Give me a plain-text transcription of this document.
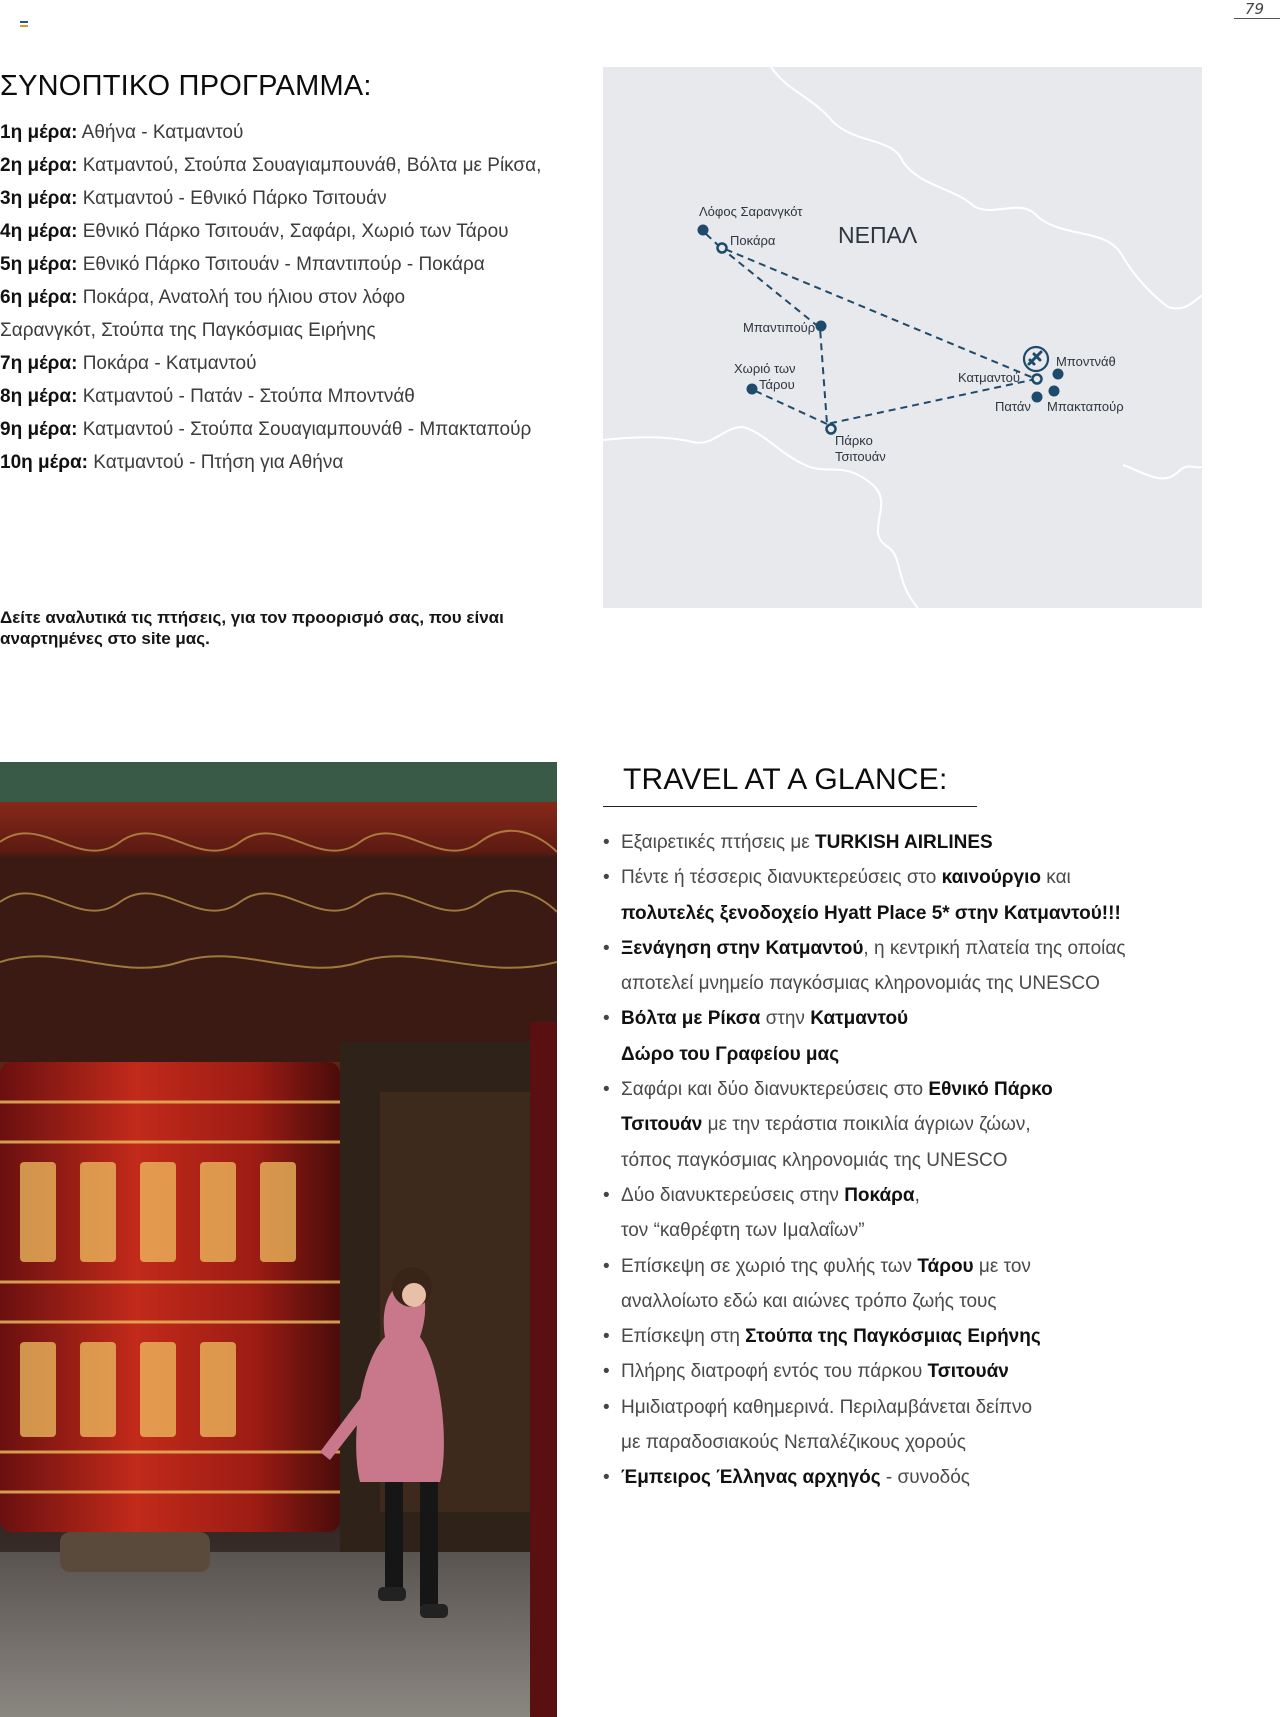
79
ΣΥΝΟΠΤΙΚΟ ΠΡΟΓΡΑΜΜΑ:
1η μέρα: Αθήνα - Κατμαντού
2η μέρα: Κατμαντού, Στούπα Σουαγιαμπουνάθ, Βόλτα με Ρίκσα,
3η μέρα: Κατμαντού - Εθνικό Πάρκο Τσιτουάν
4η μέρα: Εθνικό Πάρκο Τσιτουάν, Σαφάρι, Χωριό των Τάρου
5η μέρα: Εθνικό Πάρκο Τσιτουάν - Μπαντιπούρ - Πoκάρα
6η μέρα: Ποκάρα, Ανατολή του ήλιου στον λόφο
Σαρανγκότ, Στούπα της Παγκόσμιας Ειρήνης
7η μέρα: Ποκάρα - Κατμαντού
8η μέρα: Κατμαντού - Πατάν - Στούπα Μποντνάθ
9η μέρα: Κατμαντού - Στούπα Σουαγιαμπουνάθ - Μπακταπούρ
10η μέρα: Κατμαντού - Πτήση για Αθήνα
Δείτε αναλυτικά τις πτήσεις, για τον προορισμό σας, που είναι αναρτημένες στο site μας.
ΝΕΠΑΛ
Λόφος Σαρανγκότ
Ποκάρα
Μπαντιπούρ
Χωριό των
Τάρου
Πάρκο
Τσιτουάν
Κατμαντού
Πατάν
Μποντνάθ
Μπακταπούρ
TRAVEL AT A GLANCE:
• Εξαιρετικές πτήσεις με TURKISH AIRLINES
• Πέντε ή τέσσερις διανυκτερεύσεις στο καινούργιο και
πολυτελές ξενοδοχείο Hyatt Place 5* στην Κατμαντού!!!
• Ξενάγηση στην Κατμαντού, η κεντρική πλατεία της οποίας
αποτελεί μνημείο παγκόσμιας κληρονομιάς της UNESCO
• Βόλτα με Ρίκσα στην Κατμαντού
Δώρο του Γραφείου μας
• Σαφάρι και δύο διανυκτερεύσεις στο Εθνικό Πάρκο
Τσιτουάν με την τεράστια ποικιλία άγριων ζώων,
τόπος παγκόσμιας κληρονομιάς της UNESCO
• Δύο διανυκτερεύσεις στην Ποκάρα,
τον “καθρέφτη των Ιμαλαΐων”
• Επίσκεψη σε χωριό της φυλής των Τάρου με τον
αναλλοίωτο εδώ και αιώνες τρόπο ζωής τους
• Επίσκεψη στη Στούπα της Παγκόσμιας Ειρήνης
• Πλήρης διατροφή εντός του πάρκου Τσιτουάν
• Ημιδιατροφή καθημερινά. Περιλαμβάνεται δείπνο
με παραδοσιακούς Νεπαλέζικους χορούς
• Έμπειρος Έλληνας αρχηγός - συνοδός
